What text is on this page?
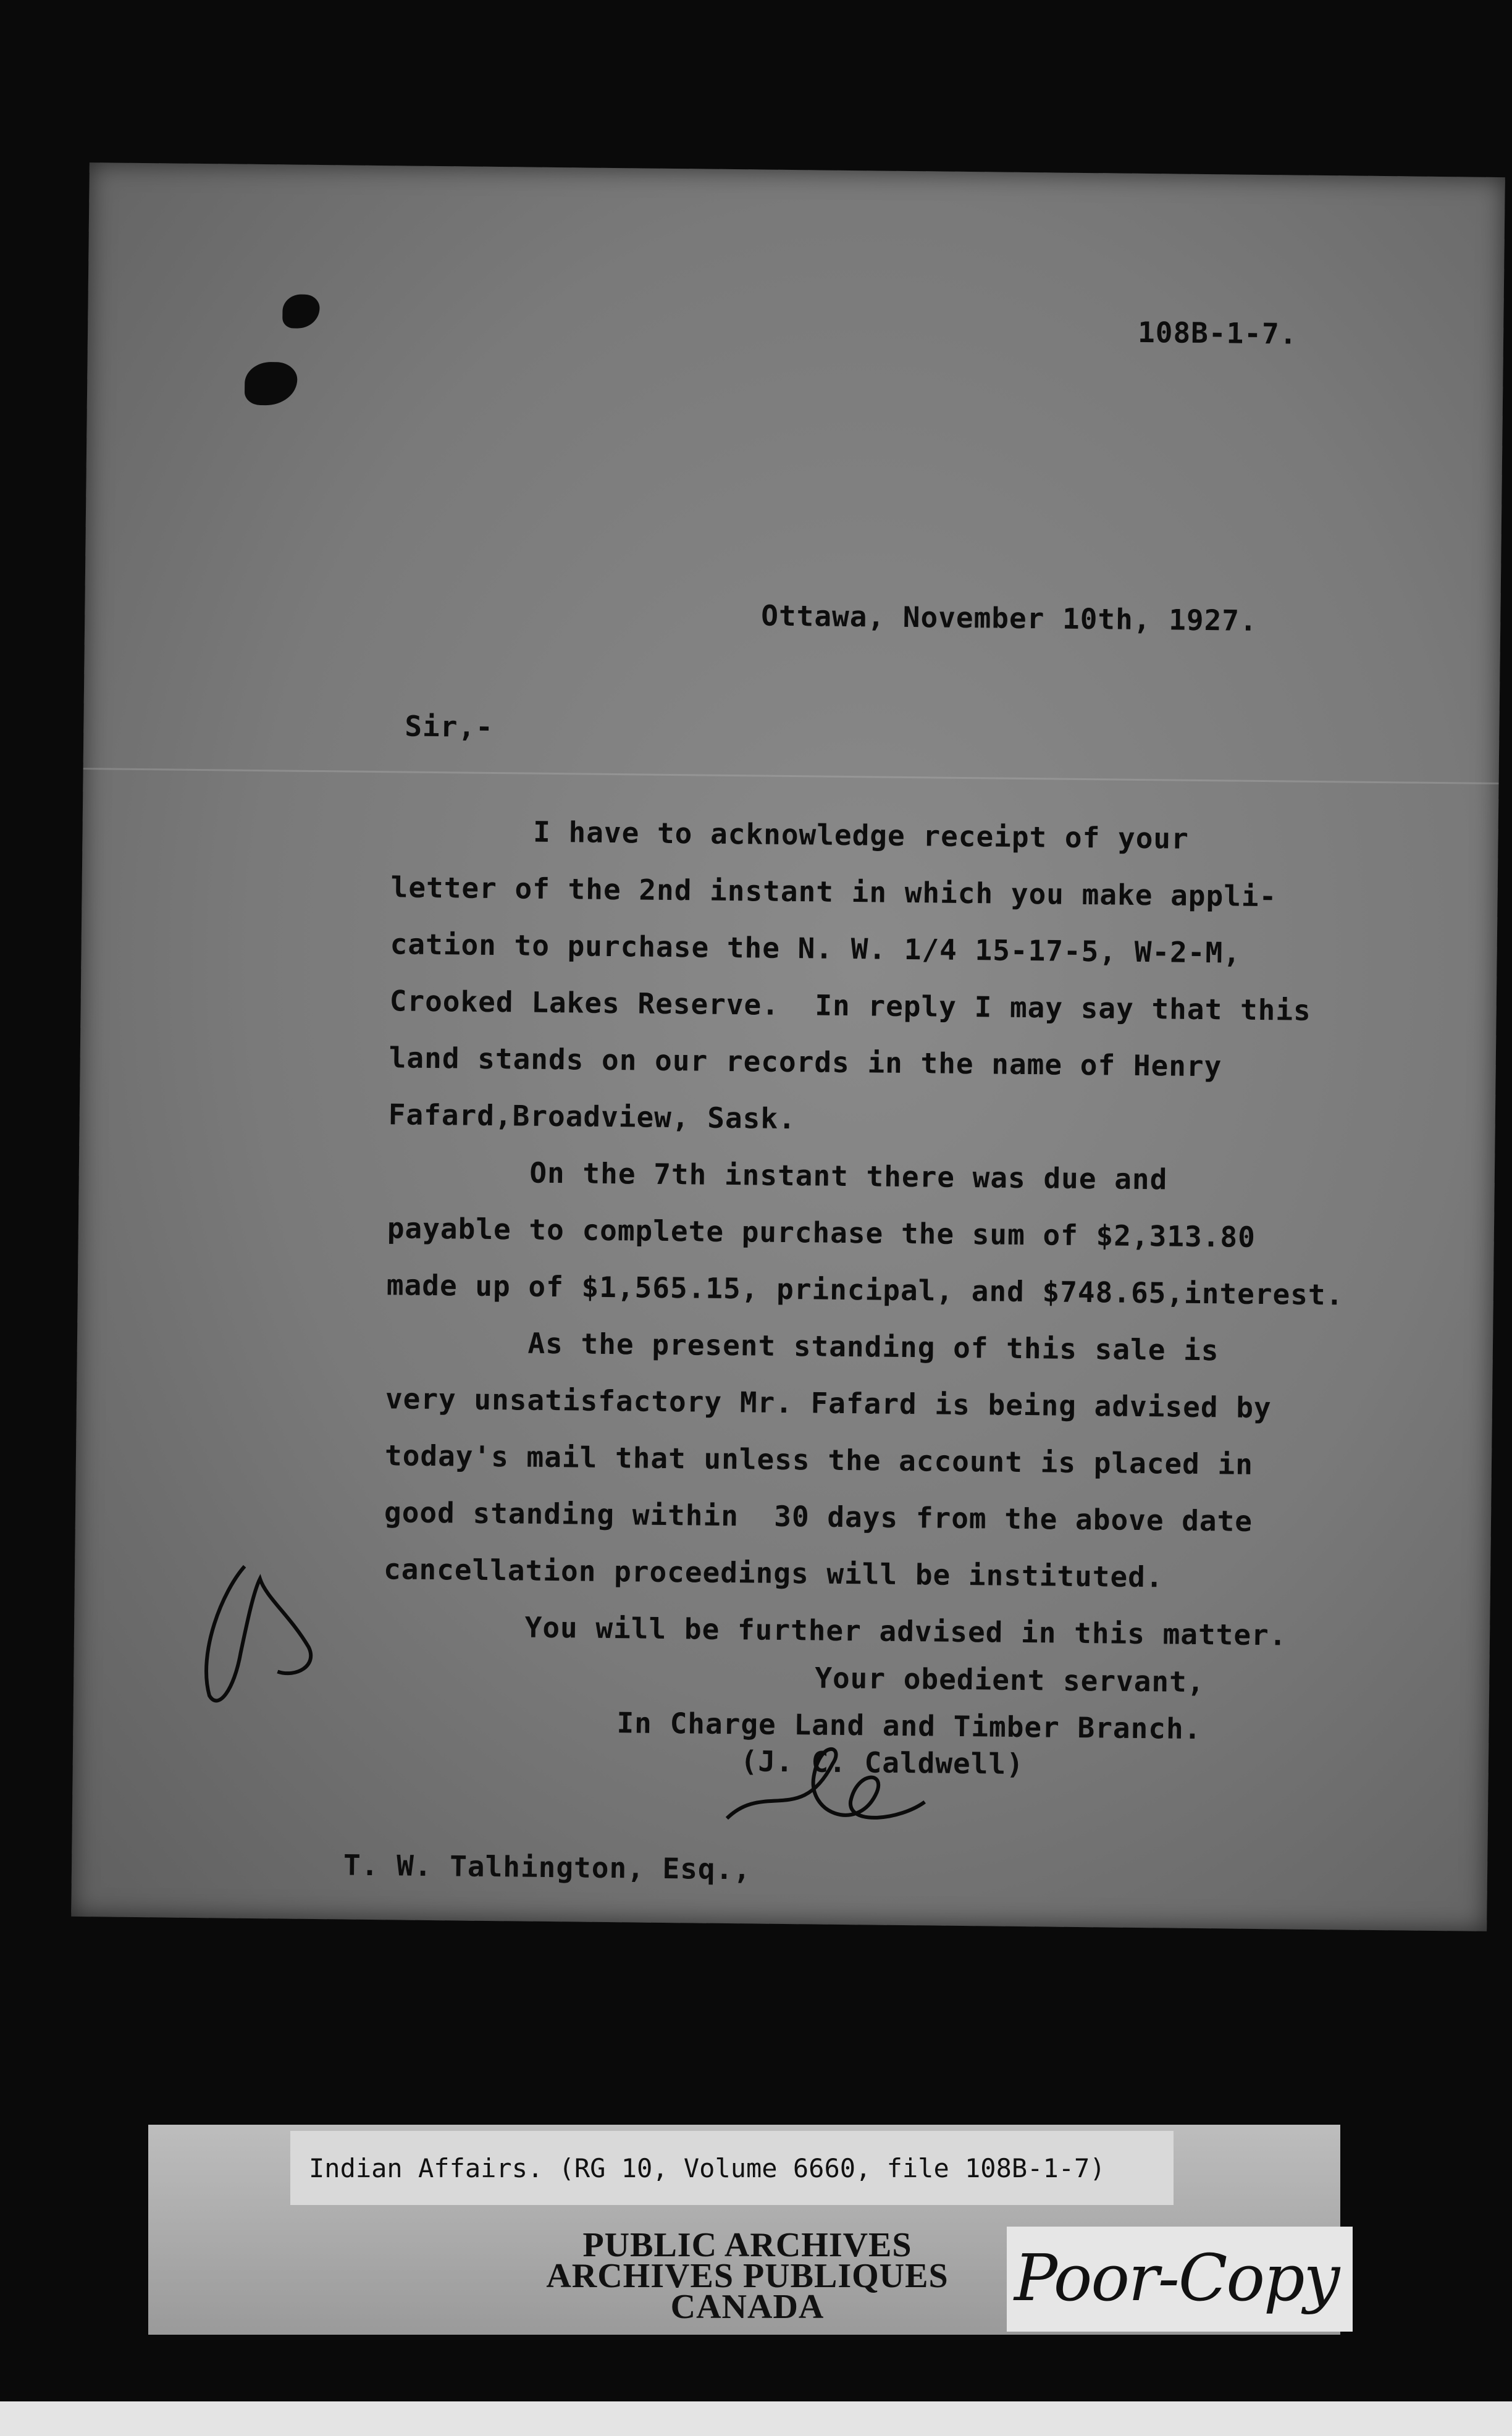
108B-1-7.
Ottawa, November 10th, 1927.
Sir,-
I have to acknowledge receipt of your
letter of the 2nd instant in which you make appli-
cation to purchase the N. W. 1/4 15-17-5, W-2-M,
Crooked Lakes Reserve.  In reply I may say that this
land stands on our records in the name of Henry
Fafard,Broadview, Sask.
On the 7th instant there was due and
payable to complete purchase the sum of $2,313.80
made up of $1,565.15, principal, and $748.65,interest.
As the present standing of this sale is
very unsatisfactory Mr. Fafard is being advised by
today's mail that unless the account is placed in
good standing within  30 days from the above date
cancellation proceedings will be instituted.
You will be further advised in this matter.
Your obedient servant,
In Charge Land and Timber Branch.
(J. C. Caldwell)
T. W. Talhington, Esq.,
Indian Affairs. (RG 10, Volume 6660, file 108B-1-7)
PUBLIC ARCHIVES
ARCHIVES PUBLIQUES
CANADA	Poor-Copy
